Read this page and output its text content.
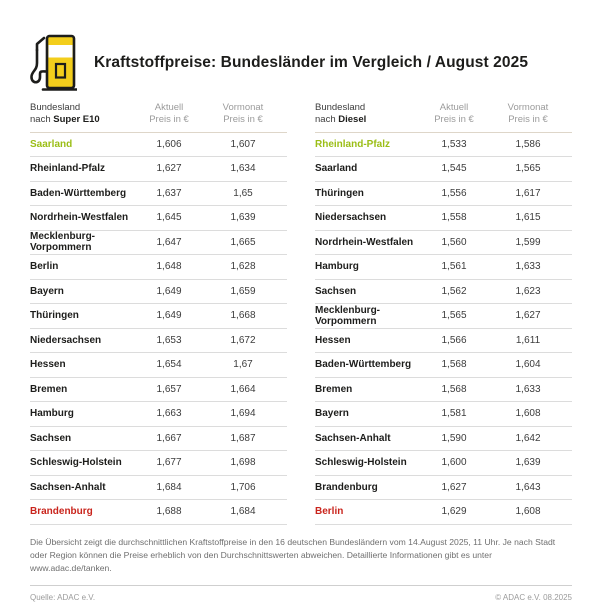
Kraftstoffpreise: Bundesländer im Vergleich / August 2025
Bundesland
nach Super E10
Aktuell
Preis in €
Vormonat
Preis in €
Saarland	1,606	1,607
Rheinland-Pfalz	1,627	1,634
Baden-Württemberg	1,637	1,65
Nordrhein-Westfalen	1,645	1,639
Mecklenburg-Vorpommern	1,647	1,665
Berlin	1,648	1,628
Bayern	1,649	1,659
Thüringen	1,649	1,668
Niedersachsen	1,653	1,672
Hessen	1,654	1,67
Bremen	1,657	1,664
Hamburg	1,663	1,694
Sachsen	1,667	1,687
Schleswig-Holstein	1,677	1,698
Sachsen-Anhalt	1,684	1,706
Brandenburg	1,688	1,684
Bundesland
nach Diesel
Aktuell
Preis in €
Vormonat
Preis in €
Rheinland-Pfalz	1,533	1,586
Saarland	1,545	1,565
Thüringen	1,556	1,617
Niedersachsen	1,558	1,615
Nordrhein-Westfalen	1,560	1,599
Hamburg	1,561	1,633
Sachsen	1,562	1,623
Mecklenburg-Vorpommern	1,565	1,627
Hessen	1,566	1,611
Baden-Württemberg	1,568	1,604
Bremen	1,568	1,633
Bayern	1,581	1,608
Sachsen-Anhalt	1,590	1,642
Schleswig-Holstein	1,600	1,639
Brandenburg	1,627	1,643
Berlin	1,629	1,608

Die Übersicht zeigt die durchschnittlichen Kraftstoffpreise in den 16 deutschen Bundesländern vom 14.August 2025, 11 Uhr. Je nach Stadt oder Region können die Preise erheblich von den Durchschnittswerten abweichen. Detaillierte Informationen gibt es unter www.adac.de/tanken.

Quelle: ADAC e.V.	© ADAC e.V. 08.2025
